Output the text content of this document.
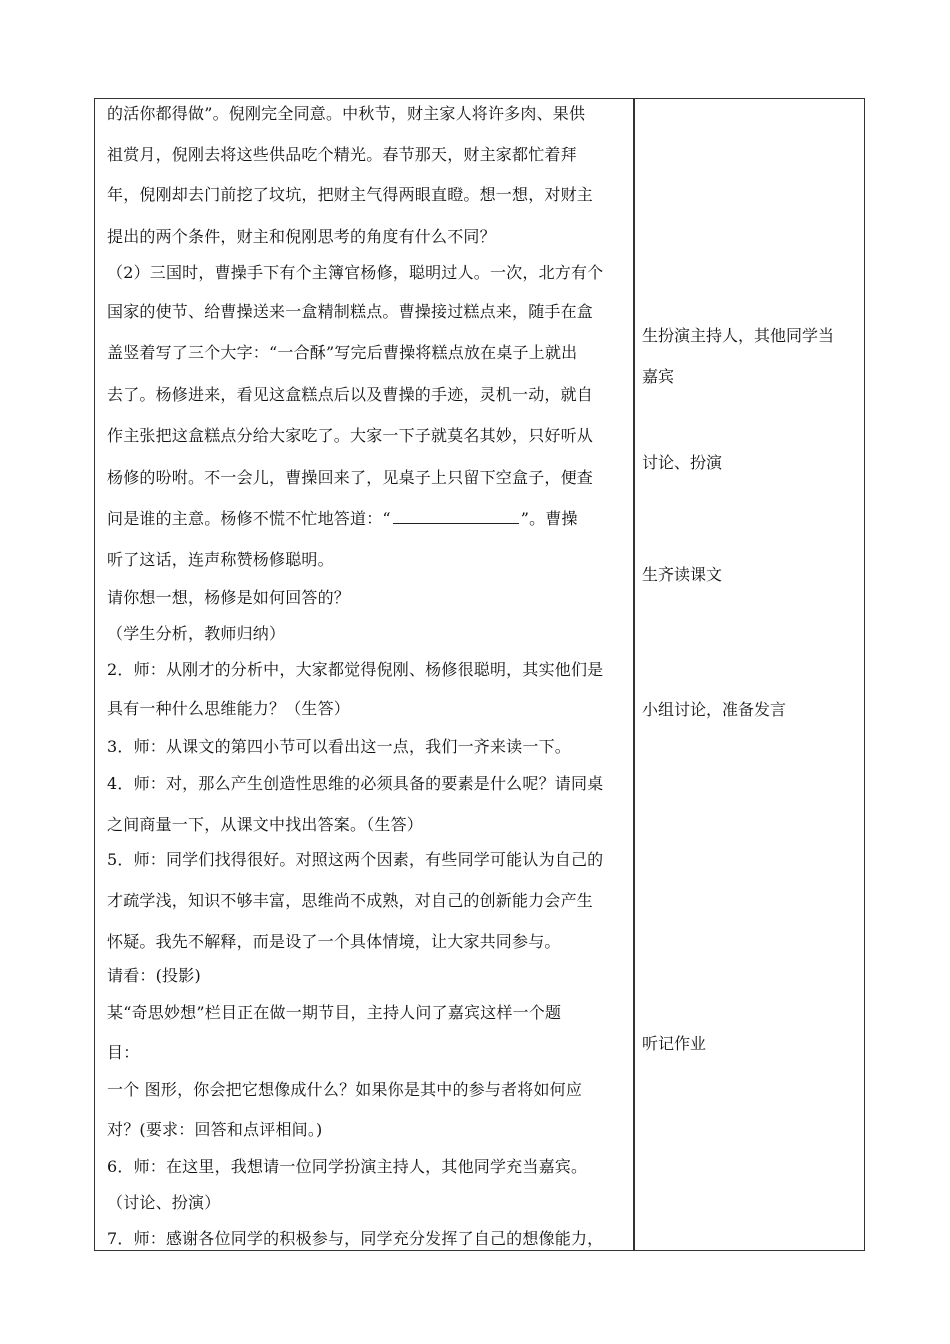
的活你都得做”。倪刚完全同意。中秋节，财主家人将许多肉、果供
祖赏月，倪刚去将这些供品吃个精光。春节那天，财主家都忙着拜
年，倪刚却去门前挖了坟坑，把财主气得两眼直瞪。想一想，对财主
提出的两个条件，财主和倪刚思考的角度有什么不同？
（2）三国时，曹操手下有个主簿官杨修，聪明过人。一次，北方有个
国家的使节、给曹操送来一盒精制糕点。曹操接过糕点来，随手在盒
盖竖着写了三个大字：“一合酥”写完后曹操将糕点放在桌子上就出
去了。杨修进来，看见这盒糕点后以及曹操的手迹，灵机一动，就自
作主张把这盒糕点分给大家吃了。大家一下子就莫名其妙，只好听从
杨修的吩咐。不一会儿，曹操回来了，见桌子上只留下空盒子，便查
问是谁的主意。杨修不慌不忙地答道：“	”。曹操
听了这话，连声称赞杨修聪明。
请你想一想，杨修是如何回答的？
（学生分析，教师归纳）
2．师：从刚才的分析中，大家都觉得倪刚、杨修很聪明，其实他们是
具有一种什么思维能力？（生答）
3．师：从课文的第四小节可以看出这一点，我们一齐来读一下。
4．师：对，那么产生创造性思维的必须具备的要素是什么呢？请同桌
之间商量一下，从课文中找出答案。（生答）
5．师：同学们找得很好。对照这两个因素，有些同学可能认为自己的
才疏学浅，知识不够丰富，思维尚不成熟，对自己的创新能力会产生
怀疑。我先不解释，而是设了一个具体情境，让大家共同参与。
请看：(投影)
某“奇思妙想”栏目正在做一期节目，主持人问了嘉宾这样一个题
目：
一个 图形，你会把它想像成什么？如果你是其中的参与者将如何应
对？(要求：回答和点评相间。)
6．师：在这里，我想请一位同学扮演主持人，其他同学充当嘉宾。
（讨论、扮演）
7．师：感谢各位同学的积极参与，同学充分发挥了自己的想像能力，
生扮演主持人，其他同学当
嘉宾
讨论、扮演
生齐读课文
小组讨论，准备发言
听记作业
